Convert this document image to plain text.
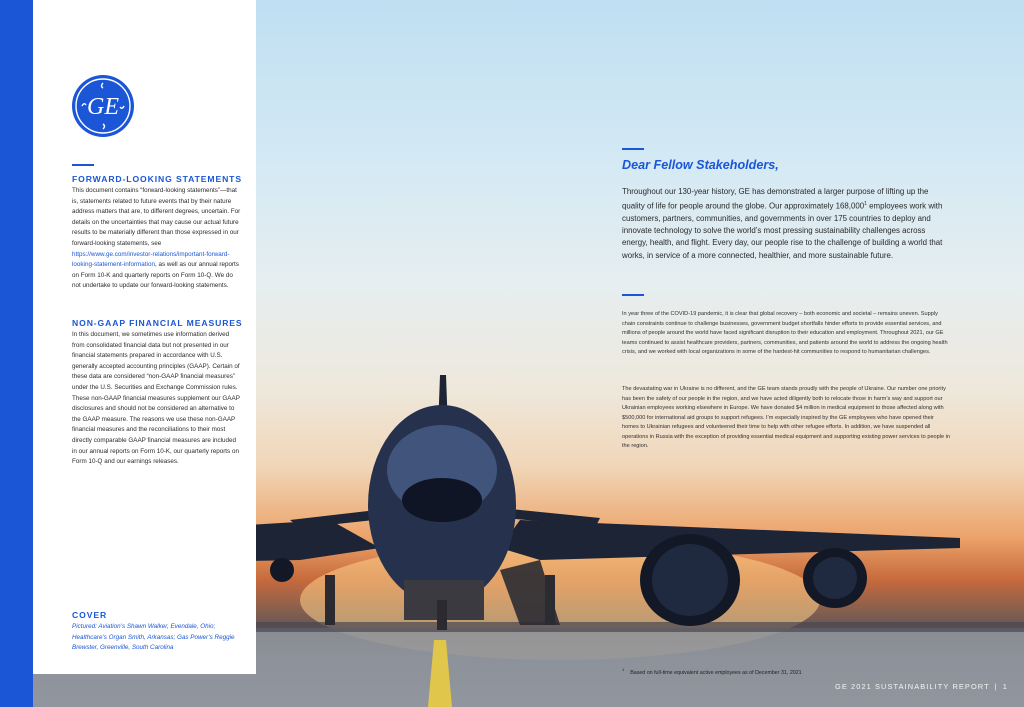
GE
FORWARD-LOOKING STATEMENTS

This document contains “forward-looking statements”—that is, statements related to future events that by their nature address matters that are, to different degrees, uncertain. For details on the uncertainties that may cause our actual future results to be materially different than those expressed in our forward-looking statements, see https://www.ge.com/investor-relations/important-forward-looking-statement-information, as well as our annual reports on Form 10-K and quarterly reports on Form 10-Q. We do not undertake to update our forward-looking statements.

NON-GAAP FINANCIAL MEASURES

In this document, we sometimes use information derived from consolidated financial data but not presented in our financial statements prepared in accordance with U.S. generally accepted accounting principles (GAAP). Certain of these data are considered “non-GAAP financial measures” under the U.S. Securities and Exchange Commission rules. These non-GAAP financial measures supplement our GAAP disclosures and should not be considered an alternative to the GAAP measure. The reasons we use these non-GAAP financial measures and the reconciliations to their most directly comparable GAAP financial measures are included in our annual reports on Form 10-K, our quarterly reports on Form 10-Q and our earnings releases.

COVER

Pictured: Aviation’s Shawn Walker, Evendale, Ohio; Healthcare’s Organ Smith, Arkansas; Gas Power’s Reggie Brewster, Greenville, South Carolina

Dear Fellow Stakeholders,

Throughout our 130-year history, GE has demonstrated a larger purpose of lifting up the quality of life for people around the globe. Our approximately 168,000$^1$ employees work with customers, partners, communities, and governments in over 175 countries to deploy and innovate technology to solve the world’s most pressing sustainability challenges across energy, health, and flight. Every day, our people rise to the challenge of building a world that works, in service of a more connected, healthier, and more sustainable future.

In year three of the COVID-19 pandemic, it is clear that global recovery – both economic and societal – remains uneven. Supply chain constraints continue to challenge businesses, government budget shortfalls hinder efforts to provide essential services, and millions of people around the world have faced significant disruption to their education and employment. Throughout 2021, our GE teams continued to assist healthcare providers, partners, communities, and patients around the world to address the ongoing health crisis, and we worked with local organizations in some of the hardest-hit communities to respond to humanitarian challenges.

The devastating war in Ukraine is no different, and the GE team stands proudly with the people of Ukraine. Our number one priority has been the safety of our people in the region, and we have acted diligently both to relocate those in harm’s way and support our Ukrainian employees working elsewhere in Europe. We have donated $4 million in medical equipment to those affected along with $500,000 for international aid groups to support refugees. I’m especially inspired by the GE employees who have opened their homes to Ukrainian refugees and volunteered their time to help with other refugee efforts. In addition, we have suspended all operations in Russia with the exception of providing essential medical equipment and supporting existing power services to people in the region.

$^1$Based on full-time equivalent active employees as of December 31, 2021
GE 2021 SUSTAINABILITY REPORT | 1
